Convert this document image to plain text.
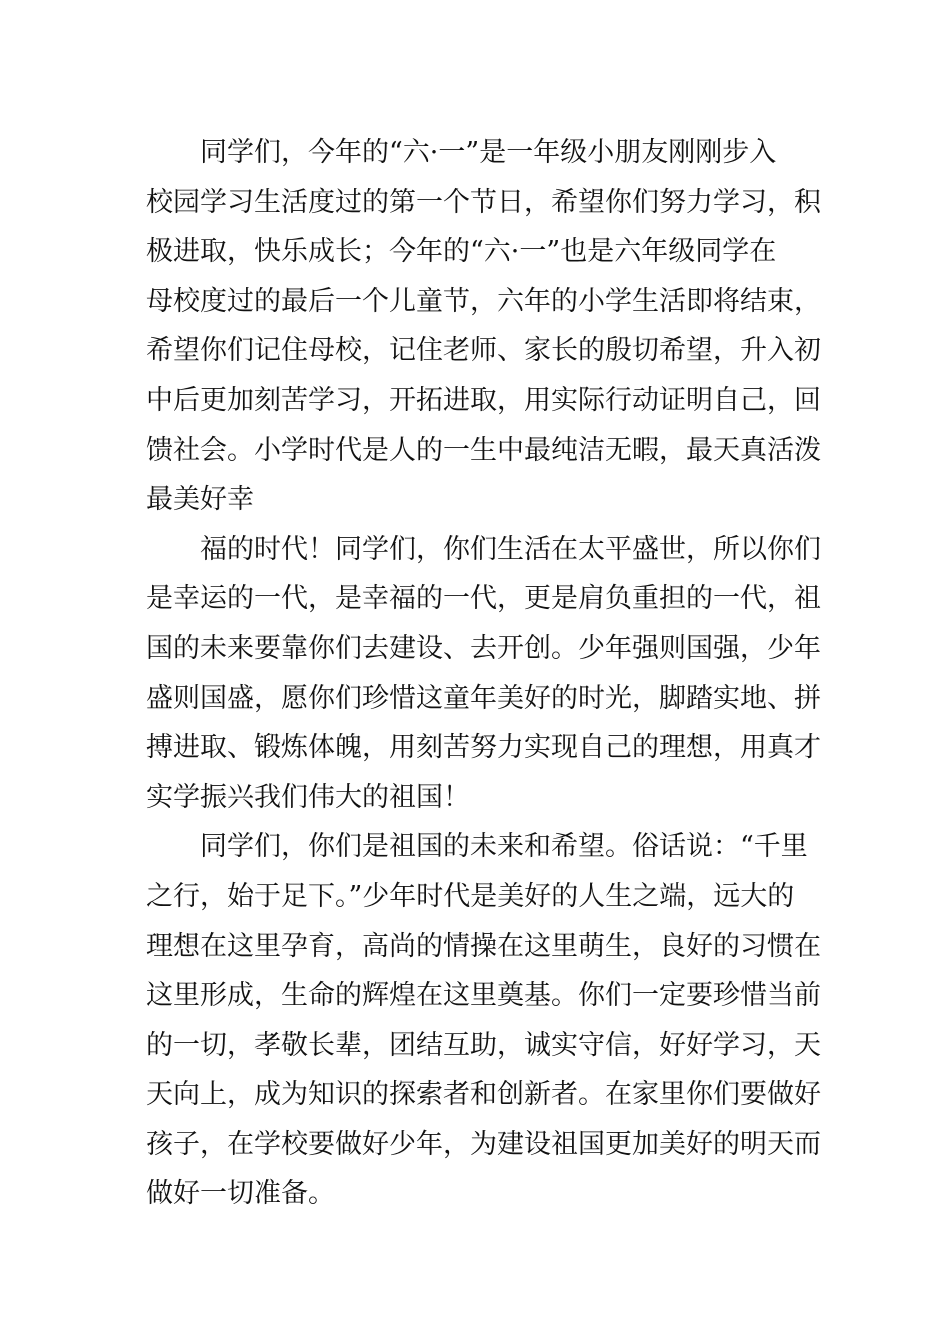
同学们，今年的“六·一”是一年级小朋友刚刚步入
校园学习生活度过的第一个节日，希望你们努力学习，积
极进取，快乐成长；今年的“六·一”也是六年级同学在
母校度过的最后一个儿童节，六年的小学生活即将结束，
希望你们记住母校，记住老师、家长的殷切希望，升入初
中后更加刻苦学习，开拓进取，用实际行动证明自己，回
馈社会。小学时代是人的一生中最纯洁无暇，最天真活泼
最美好幸
福的时代！同学们，你们生活在太平盛世，所以你们
是幸运的一代，是幸福的一代，更是肩负重担的一代，祖
国的未来要靠你们去建设、去开创。少年强则国强，少年
盛则国盛，愿你们珍惜这童年美好的时光，脚踏实地、拼
搏进取、锻炼体魄，用刻苦努力实现自己的理想，用真才
实学振兴我们伟大的祖国！
同学们，你们是祖国的未来和希望。俗话说：“千里
之行，始于足下。”少年时代是美好的人生之端，远大的
理想在这里孕育，高尚的情操在这里萌生，良好的习惯在
这里形成，生命的辉煌在这里奠基。你们一定要珍惜当前
的一切，孝敬长辈，团结互助，诚实守信，好好学习，天
天向上，成为知识的探索者和创新者。在家里你们要做好
孩子，在学校要做好少年，为建设祖国更加美好的明天而
做好一切准备。
